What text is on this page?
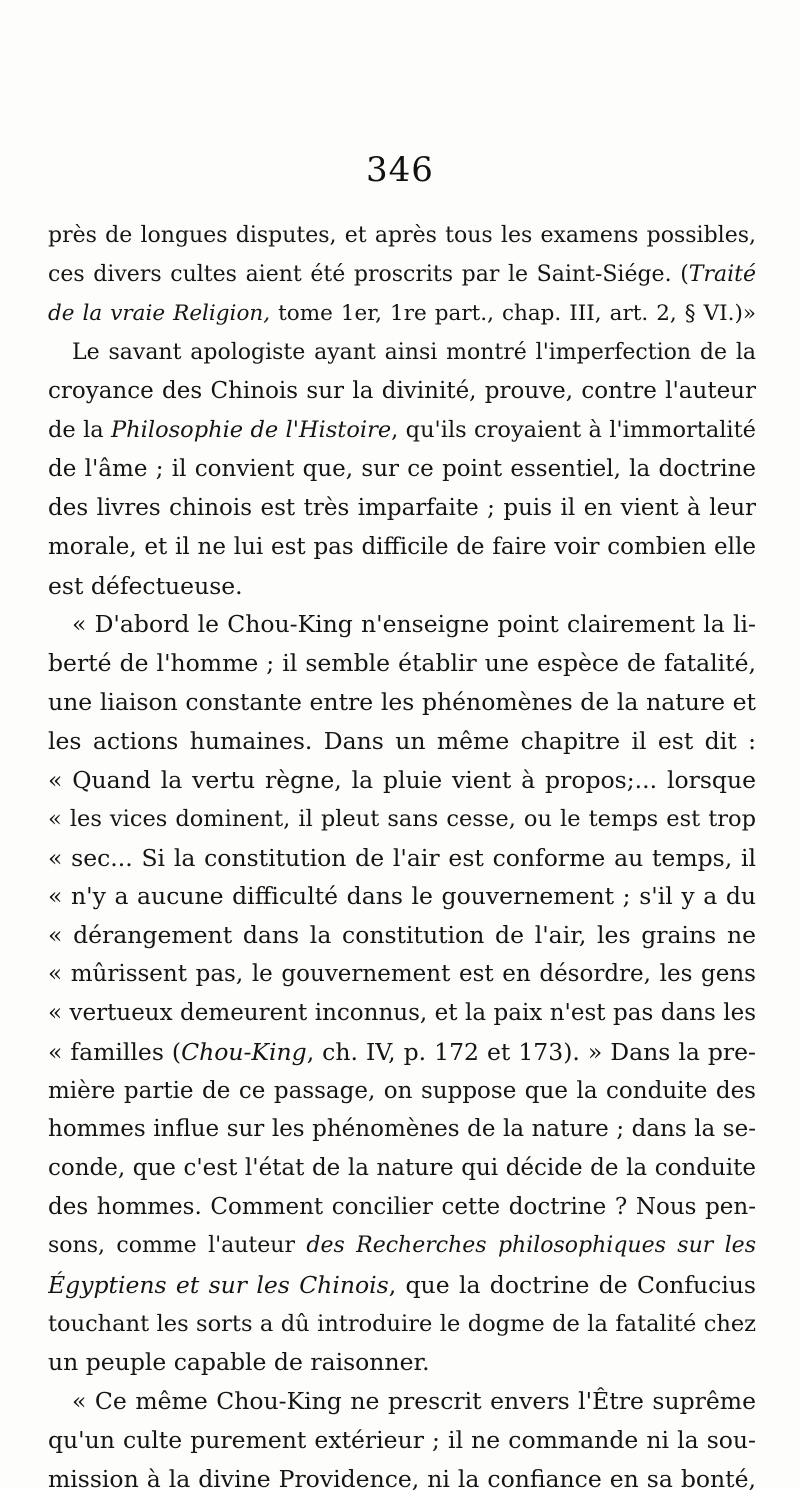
346
près de longues disputes, et après tous les examens possibles,
ces divers cultes aient été proscrits par le Saint-Siége. (Traité
de la vraie Religion, tome 1er, 1re part., chap. III, art. 2, § VI.)»
Le savant apologiste ayant ainsi montré l'imperfection de la
croyance des Chinois sur la divinité, prouve, contre l'auteur
de la Philosophie de l'Histoire, qu'ils croyaient à l'immortalité
de l'âme ; il convient que, sur ce point essentiel, la doctrine
des livres chinois est très imparfaite ; puis il en vient à leur
morale, et il ne lui est pas difficile de faire voir combien elle
est défectueuse.
« D'abord le Chou-King n'enseigne point clairement la li-
berté de l'homme ; il semble établir une espèce de fatalité,
une liaison constante entre les phénomènes de la nature et
les actions humaines. Dans un même chapitre il est dit :
« Quand la vertu règne, la pluie vient à propos;... lorsque
« les vices dominent, il pleut sans cesse, ou le temps est trop
« sec... Si la constitution de l'air est conforme au temps, il
« n'y a aucune difficulté dans le gouvernement ; s'il y a du
« dérangement dans la constitution de l'air, les grains ne
« mûrissent pas, le gouvernement est en désordre, les gens
« vertueux demeurent inconnus, et la paix n'est pas dans les
« familles (Chou-King, ch. IV, p. 172 et 173). » Dans la pre-
mière partie de ce passage, on suppose que la conduite des
hommes influe sur les phénomènes de la nature ; dans la se-
conde, que c'est l'état de la nature qui décide de la conduite
des hommes. Comment concilier cette doctrine ? Nous pen-
sons, comme l'auteur des Recherches philosophiques sur les
Égyptiens et sur les Chinois, que la doctrine de Confucius
touchant les sorts a dû introduire le dogme de la fatalité chez
un peuple capable de raisonner.
« Ce même Chou-King ne prescrit envers l'Être suprême
qu'un culte purement extérieur ; il ne commande ni la sou-
mission à la divine Providence, ni la confiance en sa bonté,
